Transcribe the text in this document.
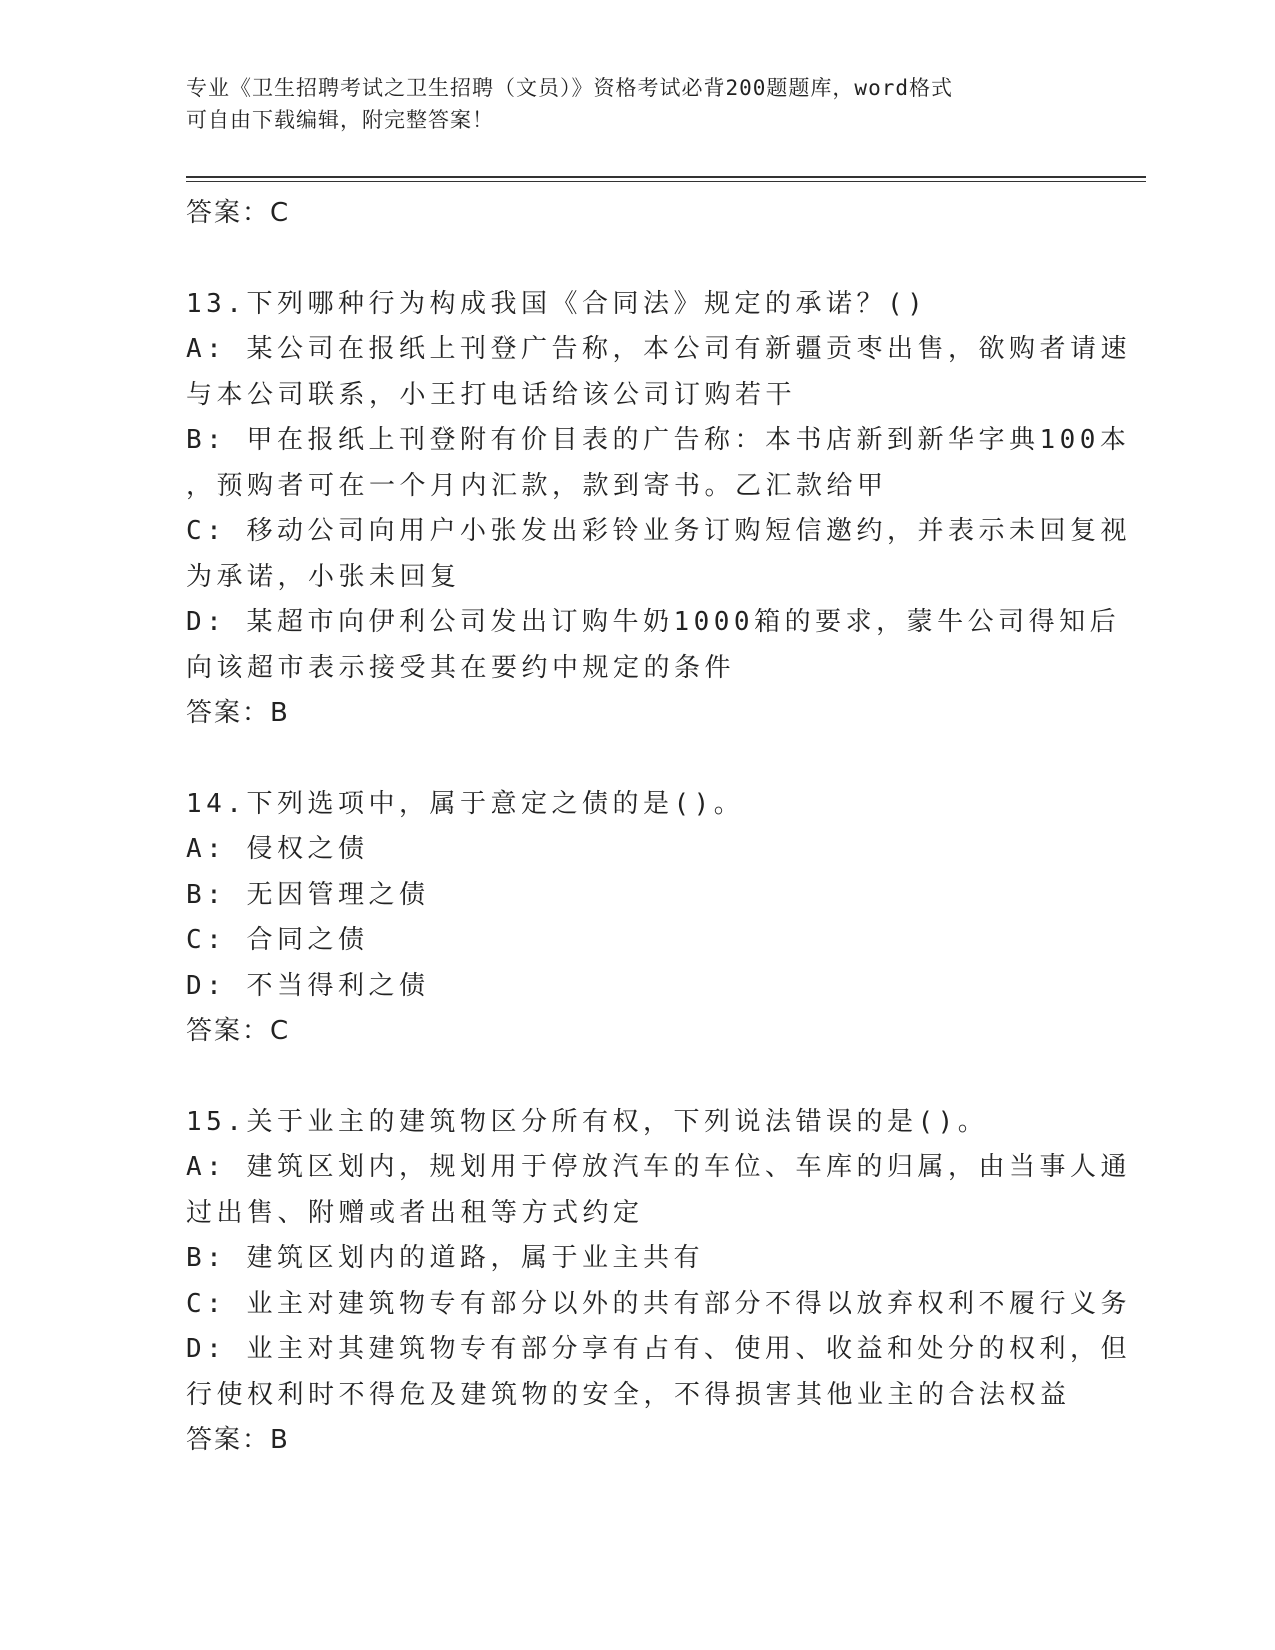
专业《卫生招聘考试之卫生招聘（文员）》资格考试必背200题题库，word格式
可自由下载编辑，附完整答案！
答案：C
13.下列哪种行为构成我国《合同法》规定的承诺？()
A: 某公司在报纸上刊登广告称，本公司有新疆贡枣出售，欲购者请速
与本公司联系，小王打电话给该公司订购若干
B: 甲在报纸上刊登附有价目表的广告称：本书店新到新华字典100本
，预购者可在一个月内汇款，款到寄书。乙汇款给甲
C: 移动公司向用户小张发出彩铃业务订购短信邀约，并表示未回复视
为承诺，小张未回复
D: 某超市向伊利公司发出订购牛奶1000箱的要求，蒙牛公司得知后
向该超市表示接受其在要约中规定的条件
答案：B
14.下列选项中，属于意定之债的是()。
A: 侵权之债
B: 无因管理之债
C: 合同之债
D: 不当得利之债
答案：C
15.关于业主的建筑物区分所有权，下列说法错误的是()。
A: 建筑区划内，规划用于停放汽车的车位、车库的归属，由当事人通
过出售、附赠或者出租等方式约定
B: 建筑区划内的道路，属于业主共有
C: 业主对建筑物专有部分以外的共有部分不得以放弃权利不履行义务
D: 业主对其建筑物专有部分享有占有、使用、收益和处分的权利，但
行使权利时不得危及建筑物的安全，不得损害其他业主的合法权益
答案：B
